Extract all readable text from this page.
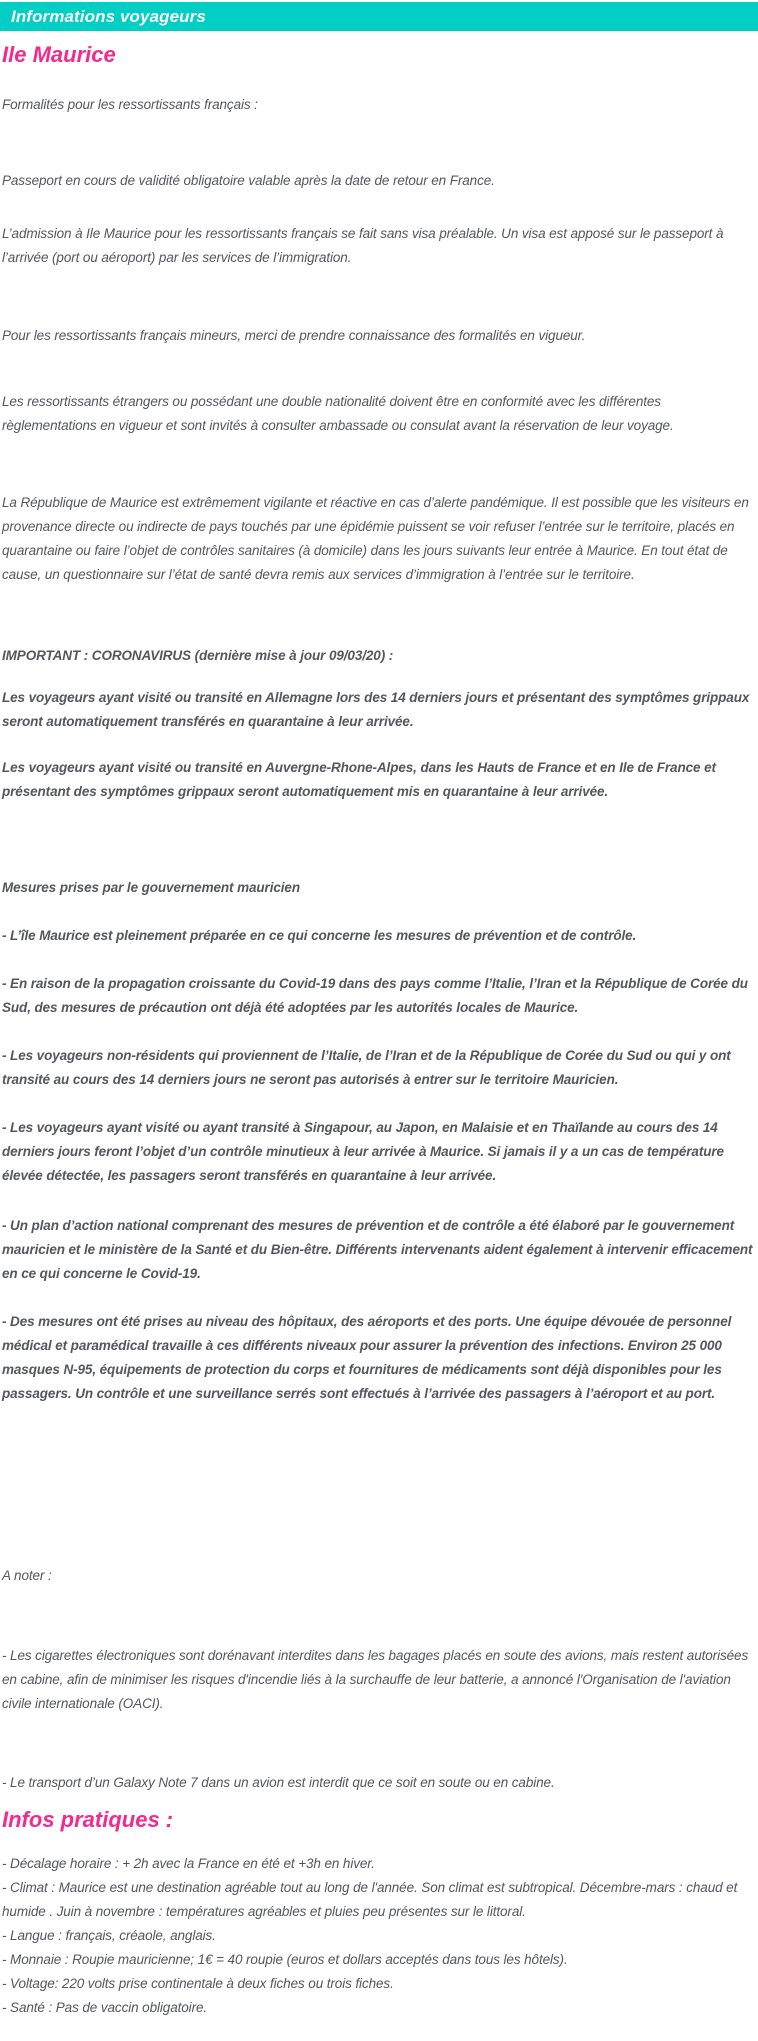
Informations voyageurs
Ile Maurice

Formalités pour les ressortissants français :

Passeport en cours de validité obligatoire valable après la date de retour en France.

L’admission à Ile Maurice pour les ressortissants français se fait sans visa préalable. Un visa est apposé sur le passeport à l’arrivée (port ou aéroport) par les services de l’immigration.

Pour les ressortissants français mineurs, merci de prendre connaissance des formalités en vigueur.

Les ressortissants étrangers ou possédant une double nationalité doivent être en conformité avec les différentes règlementations en vigueur et sont invités à consulter ambassade ou consulat avant la réservation de leur voyage.

La République de Maurice est extrêmement vigilante et réactive en cas d’alerte pandémique. Il est possible que les visiteurs en provenance directe ou indirecte de pays touchés par une épidémie puissent se voir refuser l’entrée sur le territoire, placés en quarantaine ou faire l’objet de contrôles sanitaires (à domicile) dans les jours suivants leur entrée à Maurice. En tout état de cause, un questionnaire sur l’état de santé devra remis aux services d’immigration à l’entrée sur le territoire.

IMPORTANT : CORONAVIRUS (dernière mise à jour 09/03/20) :

Les voyageurs ayant visité ou transité en Allemagne lors des 14 derniers jours et présentant des symptômes grippaux seront automatiquement transférés en quarantaine à leur arrivée.

Les voyageurs ayant visité ou transité en Auvergne-Rhone-Alpes, dans les Hauts de France et en Ile de France et présentant des symptômes grippaux seront automatiquement mis en quarantaine à leur arrivée.

Mesures prises par le gouvernement mauricien

- L’île Maurice est pleinement préparée en ce qui concerne les mesures de prévention et de contrôle.

- En raison de la propagation croissante du Covid-19 dans des pays comme l’Italie, l’Iran et la République de Corée du Sud, des mesures de précaution ont déjà été adoptées par les autorités locales de Maurice.

- Les voyageurs non-résidents qui proviennent de l’Italie, de l’Iran et de la République de Corée du Sud ou qui y ont transité au cours des 14 derniers jours ne seront pas autorisés à entrer sur le territoire Mauricien.

- Les voyageurs ayant visité ou ayant transité à Singapour, au Japon, en Malaisie et en Thaïlande au cours des 14 derniers jours feront l’objet d’un contrôle minutieux à leur arrivée à Maurice. Si jamais il y a un cas de température élevée détectée, les passagers seront transférés en quarantaine à leur arrivée.

- Un plan d’action national comprenant des mesures de prévention et de contrôle a été élaboré par le gouvernement mauricien et le ministère de la Santé et du Bien-être. Différents intervenants aident également à intervenir efficacement en ce qui concerne le Covid-19.

- Des mesures ont été prises au niveau des hôpitaux, des aéroports et des ports. Une équipe dévouée de personnel médical et paramédical travaille à ces différents niveaux pour assurer la prévention des infections. Environ 25 000 masques N-95, équipements de protection du corps et fournitures de médicaments sont déjà disponibles pour les passagers. Un contrôle et une surveillance serrés sont effectués à l’arrivée des passagers à l’aéroport et au port.

A noter :

- Les cigarettes électroniques sont dorénavant interdites dans les bagages placés en soute des avions, mais restent autorisées en cabine, afin de minimiser les risques d'incendie liés à la surchauffe de leur batterie, a annoncé l'Organisation de l'aviation civile internationale (OACI).

- Le transport d’un Galaxy Note 7 dans un avion est interdit que ce soit en soute ou en cabine.

Infos pratiques :

- Décalage horaire : + 2h avec la France en été et +3h en hiver.

- Climat : Maurice est une destination agréable tout au long de l'année. Son climat est subtropical. Décembre-mars : chaud et humide . Juin à novembre : températures agréables et pluies peu présentes sur le littoral.

- Langue : français, créaole, anglais.

- Monnaie : Roupie mauricienne; 1€ = 40 roupie (euros et dollars acceptés dans tous les hôtels).

- Voltage: 220 volts prise continentale à deux fiches ou trois fiches.

- Santé : Pas de vaccin obligatoire.
